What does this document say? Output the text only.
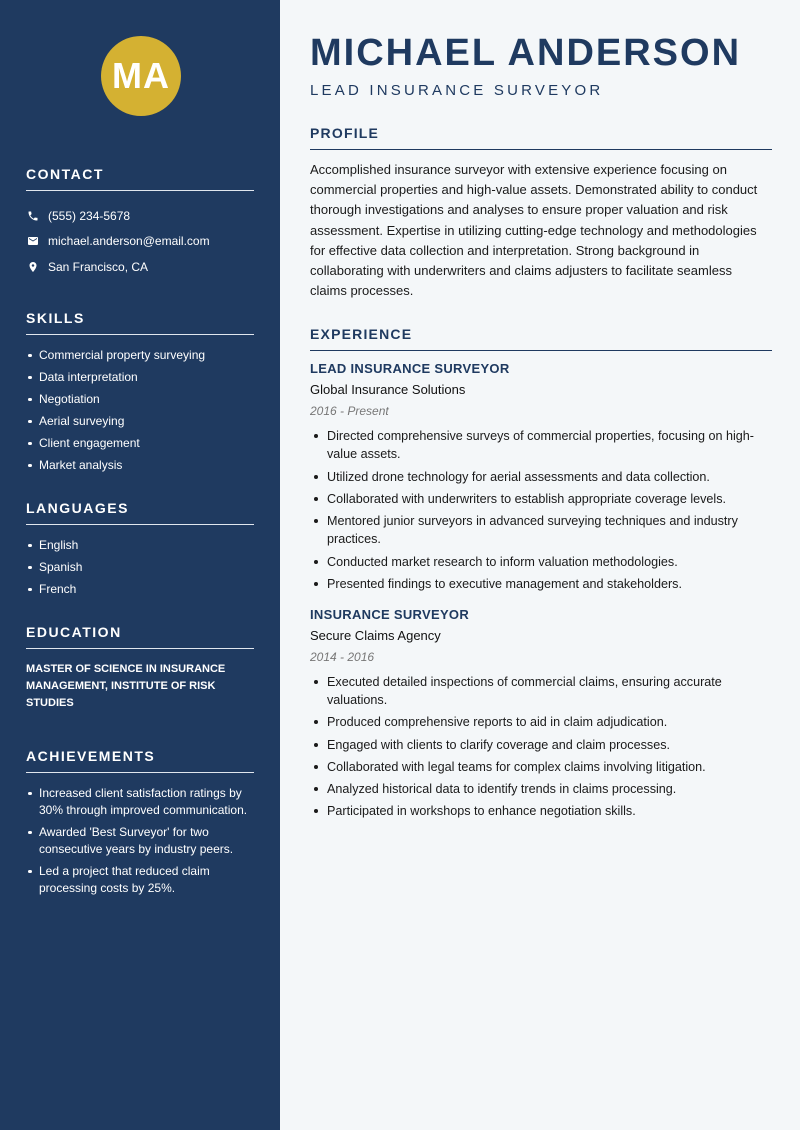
MA
CONTACT
(555) 234-5678
michael.anderson@email.com
San Francisco, CA
SKILLS
Commercial property surveying
Data interpretation
Negotiation
Aerial surveying
Client engagement
Market analysis
LANGUAGES
English
Spanish
French
EDUCATION

MASTER OF SCIENCE IN INSURANCE MANAGEMENT, INSTITUTE OF RISK STUDIES

ACHIEVEMENTS
Increased client satisfaction ratings by 30% through improved communication.
Awarded 'Best Surveyor' for two consecutive years by industry peers.
Led a project that reduced claim processing costs by 25%.
MICHAEL ANDERSON
LEAD INSURANCE SURVEYOR
PROFILE

Accomplished insurance surveyor with extensive experience focusing on commercial properties and high-value assets. Demonstrated ability to conduct thorough investigations and analyses to ensure proper valuation and risk assessment. Expertise in utilizing cutting-edge technology and methodologies for effective data collection and interpretation. Strong background in collaborating with underwriters and claims adjusters to facilitate seamless claims processes.

EXPERIENCE
LEAD INSURANCE SURVEYOR
Global Insurance Solutions
2016 - Present
Directed comprehensive surveys of commercial properties, focusing on high-value assets.
Utilized drone technology for aerial assessments and data collection.
Collaborated with underwriters to establish appropriate coverage levels.
Mentored junior surveyors in advanced surveying techniques and industry practices.
Conducted market research to inform valuation methodologies.
Presented findings to executive management and stakeholders.
INSURANCE SURVEYOR
Secure Claims Agency
2014 - 2016
Executed detailed inspections of commercial claims, ensuring accurate valuations.
Produced comprehensive reports to aid in claim adjudication.
Engaged with clients to clarify coverage and claim processes.
Collaborated with legal teams for complex claims involving litigation.
Analyzed historical data to identify trends in claims processing.
Participated in workshops to enhance negotiation skills.
